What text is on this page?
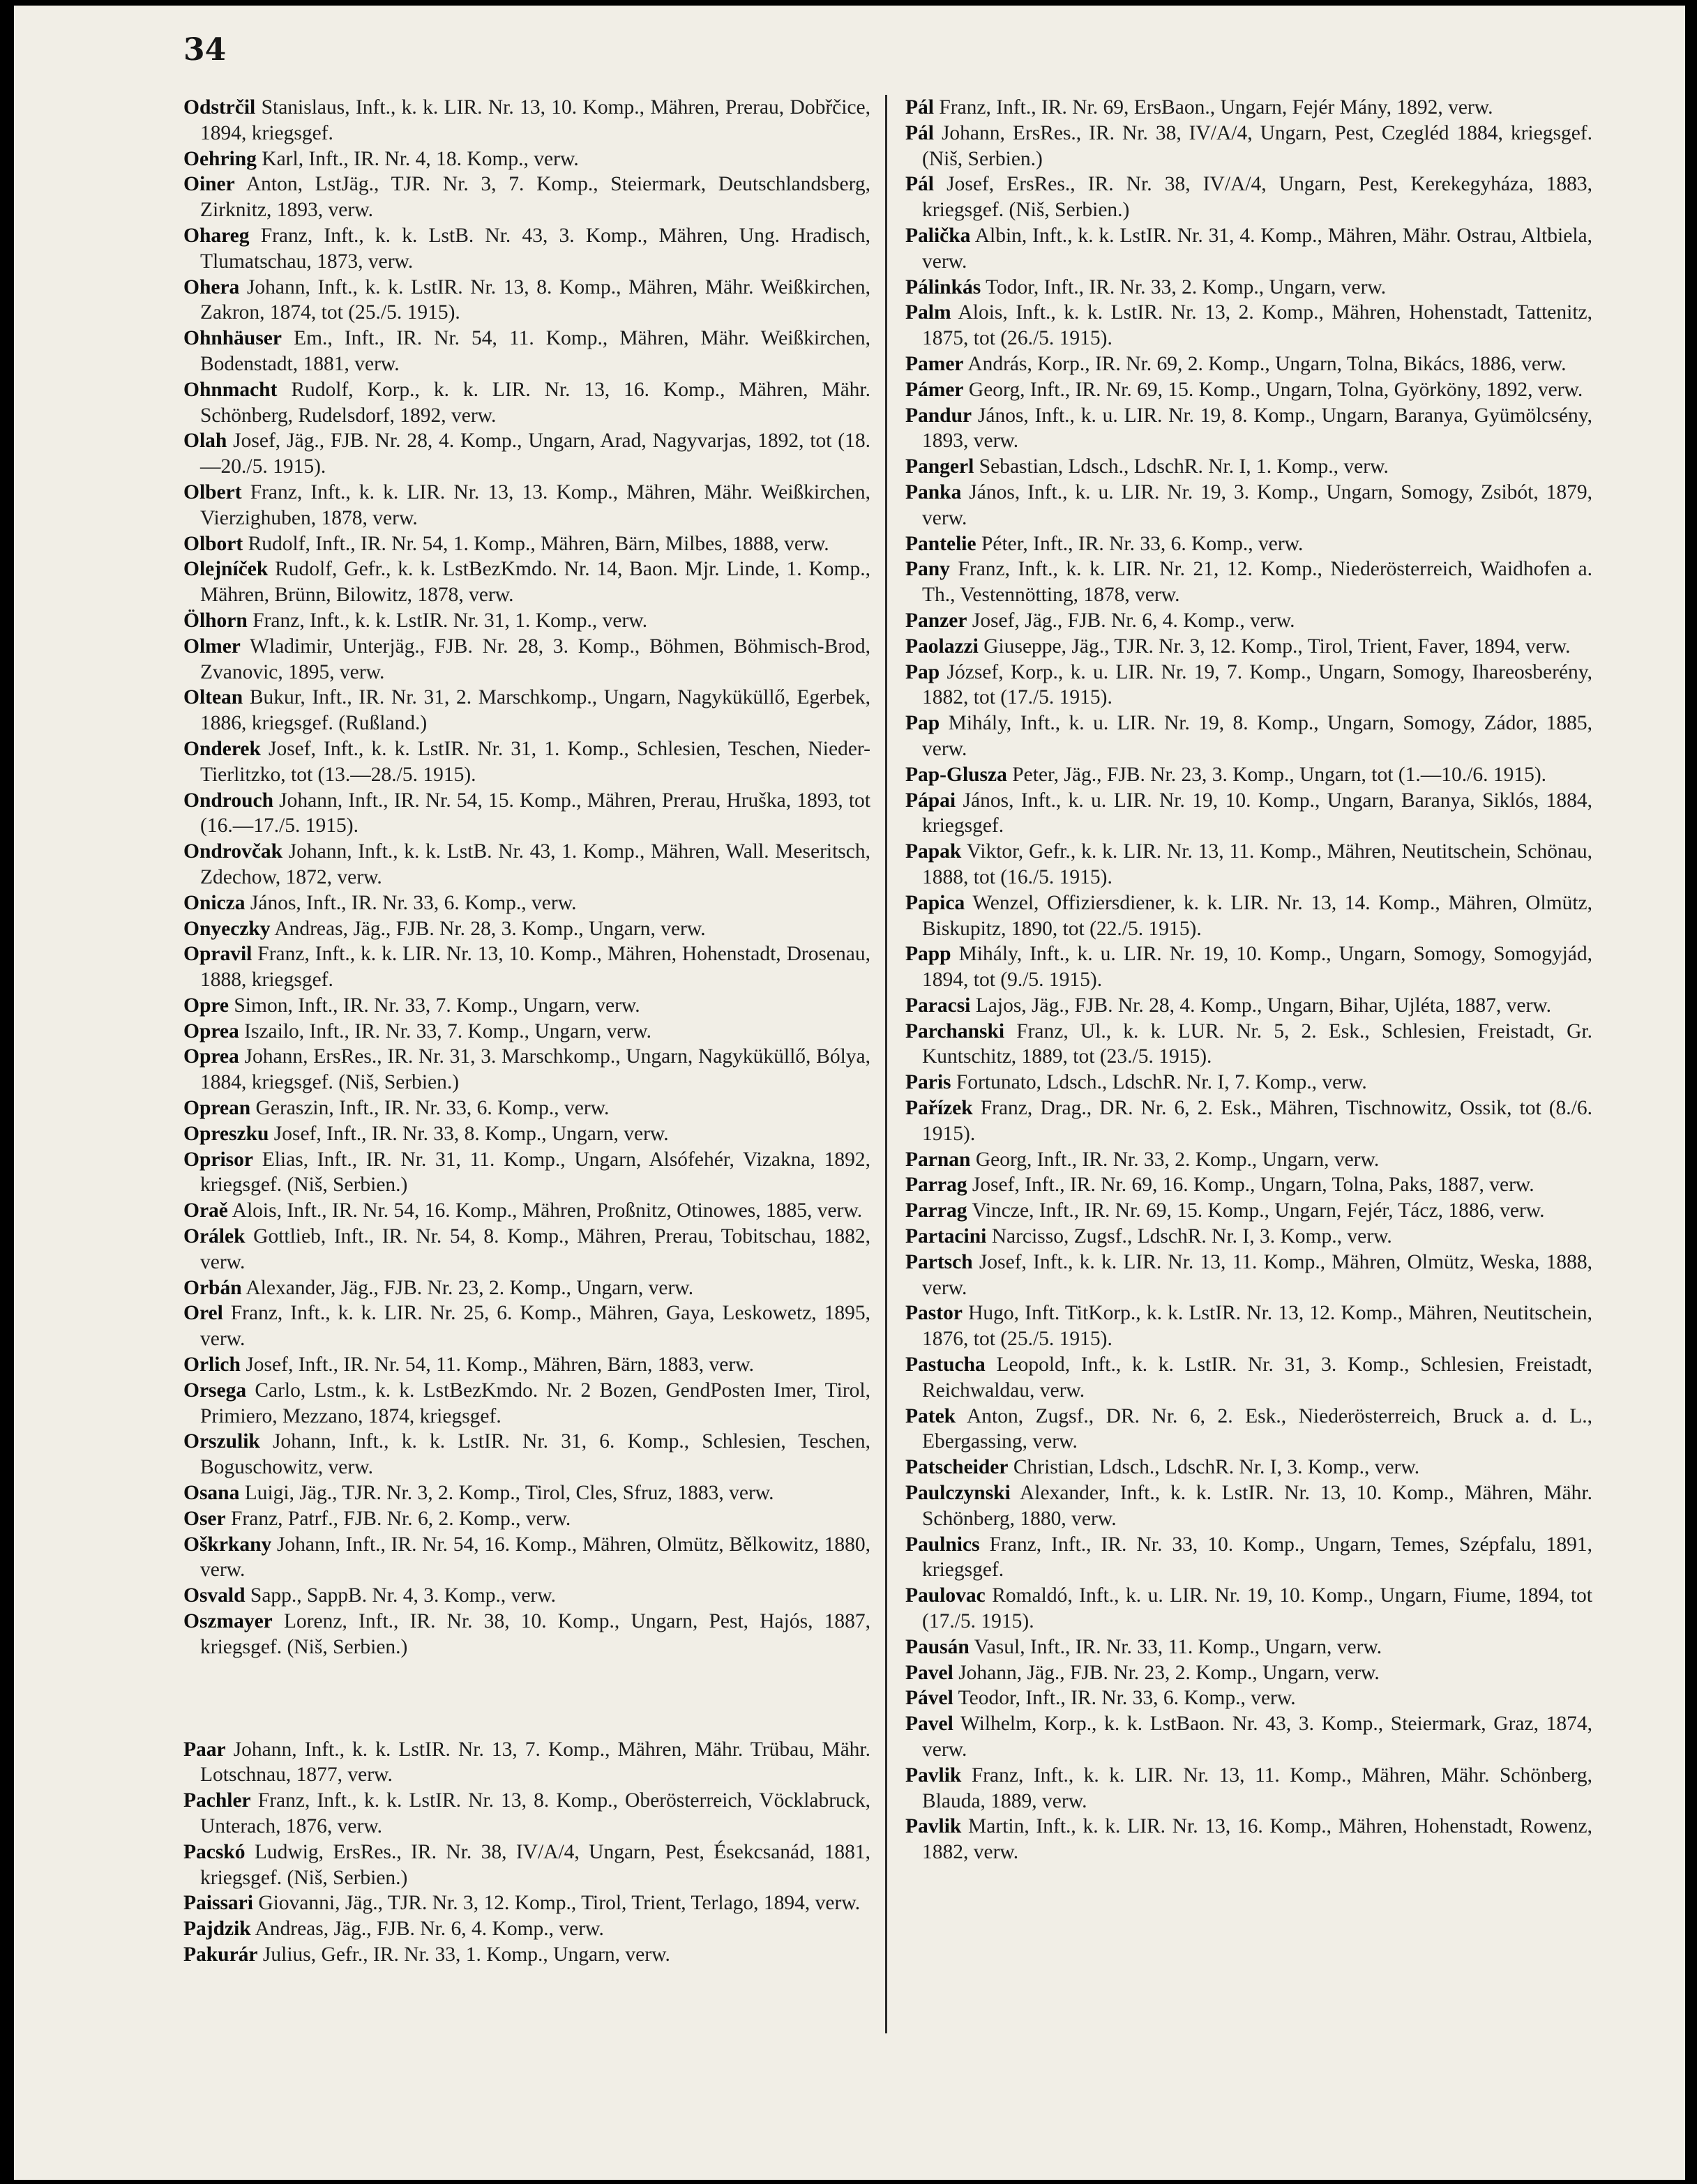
34

Odstrčil Stanislaus, Inft., k. k. LIR. Nr. 13, 10. Komp., Mähren, Prerau, Dobřčice, 1894, kriegsgef.

Oehring Karl, Inft., IR. Nr. 4, 18. Komp., verw.

Oiner Anton, LstJäg., TJR. Nr. 3, 7. Komp., Steiermark, Deutschlandsberg, Zirknitz, 1893, verw.

Ohareg Franz, Inft., k. k. LstB. Nr. 43, 3. Komp., Mähren, Ung. Hradisch, Tlumatschau, 1873, verw.

Ohera Johann, Inft., k. k. LstIR. Nr. 13, 8. Komp., Mähren, Mähr. Weißkirchen, Zakron, 1874, tot (25./5. 1915).

Ohnhäuser Em., Inft., IR. Nr. 54, 11. Komp., Mähren, Mähr. Weißkirchen, Bodenstadt, 1881, verw.

Ohnmacht Rudolf, Korp., k. k. LIR. Nr. 13, 16. Komp., Mähren, Mähr. Schönberg, Rudelsdorf, 1892, verw.

Olah Josef, Jäg., FJB. Nr. 28, 4. Komp., Ungarn, Arad, Nagyvarjas, 1892, tot (18.—20./5. 1915).

Olbert Franz, Inft., k. k. LIR. Nr. 13, 13. Komp., Mähren, Mähr. Weißkirchen, Vierzighuben, 1878, verw.

Olbort Rudolf, Inft., IR. Nr. 54, 1. Komp., Mähren, Bärn, Milbes, 1888, verw.

Olejníček Rudolf, Gefr., k. k. LstBezKmdo. Nr. 14, Baon. Mjr. Linde, 1. Komp., Mähren, Brünn, Bilowitz, 1878, verw.

Ölhorn Franz, Inft., k. k. LstIR. Nr. 31, 1. Komp., verw.

Olmer Wladimir, Unterjäg., FJB. Nr. 28, 3. Komp., Böhmen, Böhmisch-Brod, Zvanovic, 1895, verw.

Oltean Bukur, Inft., IR. Nr. 31, 2. Marschkomp., Ungarn, Nagyküküllő, Egerbek, 1886, kriegsgef. (Rußland.)

Onderek Josef, Inft., k. k. LstIR. Nr. 31, 1. Komp., Schlesien, Teschen, Nieder-Tierlitzko, tot (13.—28./5. 1915).

Ondrouch Johann, Inft., IR. Nr. 54, 15. Komp., Mähren, Prerau, Hruška, 1893, tot (16.—17./5. 1915).

Ondrovčak Johann, Inft., k. k. LstB. Nr. 43, 1. Komp., Mähren, Wall. Meseritsch, Zdechow, 1872, verw.

Onicza János, Inft., IR. Nr. 33, 6. Komp., verw.

Onyeczky Andreas, Jäg., FJB. Nr. 28, 3. Komp., Ungarn, verw.

Opravil Franz, Inft., k. k. LIR. Nr. 13, 10. Komp., Mähren, Hohenstadt, Drosenau, 1888, kriegsgef.

Opre Simon, Inft., IR. Nr. 33, 7. Komp., Ungarn, verw.

Oprea Iszailo, Inft., IR. Nr. 33, 7. Komp., Ungarn, verw.

Oprea Johann, ErsRes., IR. Nr. 31, 3. Marschkomp., Ungarn, Nagyküküllő, Bólya, 1884, kriegsgef. (Niš, Serbien.)

Oprean Geraszin, Inft., IR. Nr. 33, 6. Komp., verw.

Opreszku Josef, Inft., IR. Nr. 33, 8. Komp., Ungarn, verw.

Oprisor Elias, Inft., IR. Nr. 31, 11. Komp., Ungarn, Alsófehér, Vizakna, 1892, kriegsgef. (Niš, Serbien.)

Oraě Alois, Inft., IR. Nr. 54, 16. Komp., Mähren, Proßnitz, Otinowes, 1885, verw.

Orálek Gottlieb, Inft., IR. Nr. 54, 8. Komp., Mähren, Prerau, Tobitschau, 1882, verw.

Orbán Alexander, Jäg., FJB. Nr. 23, 2. Komp., Ungarn, verw.

Orel Franz, Inft., k. k. LIR. Nr. 25, 6. Komp., Mähren, Gaya, Leskowetz, 1895, verw.

Orlich Josef, Inft., IR. Nr. 54, 11. Komp., Mähren, Bärn, 1883, verw.

Orsega Carlo, Lstm., k. k. LstBezKmdo. Nr. 2 Bozen, GendPosten Imer, Tirol, Primiero, Mezzano, 1874, kriegsgef.

Orszulik Johann, Inft., k. k. LstIR. Nr. 31, 6. Komp., Schlesien, Teschen, Boguschowitz, verw.

Osana Luigi, Jäg., TJR. Nr. 3, 2. Komp., Tirol, Cles, Sfruz, 1883, verw.

Oser Franz, Patrf., FJB. Nr. 6, 2. Komp., verw.

Oškrkany Johann, Inft., IR. Nr. 54, 16. Komp., Mähren, Olmütz, Bělkowitz, 1880, verw.

Osvald Sapp., SappB. Nr. 4, 3. Komp., verw.

Oszmayer Lorenz, Inft., IR. Nr. 38, 10. Komp., Ungarn, Pest, Hajós, 1887, kriegsgef. (Niš, Serbien.)

Paar Johann, Inft., k. k. LstIR. Nr. 13, 7. Komp., Mähren, Mähr. Trübau, Mähr. Lotschnau, 1877, verw.

Pachler Franz, Inft., k. k. LstIR. Nr. 13, 8. Komp., Oberösterreich, Vöcklabruck, Unterach, 1876, verw.

Pacskó Ludwig, ErsRes., IR. Nr. 38, IV/A/4, Ungarn, Pest, Ésekcsanád, 1881, kriegsgef. (Niš, Serbien.)

Paissari Giovanni, Jäg., TJR. Nr. 3, 12. Komp., Tirol, Trient, Terlago, 1894, verw.

Pajdzik Andreas, Jäg., FJB. Nr. 6, 4. Komp., verw.

Pakurár Julius, Gefr., IR. Nr. 33, 1. Komp., Ungarn, verw.

Pál Franz, Inft., IR. Nr. 69, ErsBaon., Ungarn, Fejér Mány, 1892, verw.

Pál Johann, ErsRes., IR. Nr. 38, IV/A/4, Ungarn, Pest, Czegléd 1884, kriegsgef. (Niš, Serbien.)

Pál Josef, ErsRes., IR. Nr. 38, IV/A/4, Ungarn, Pest, Kerekegyháza, 1883, kriegsgef. (Niš, Serbien.)

Palička Albin, Inft., k. k. LstIR. Nr. 31, 4. Komp., Mähren, Mähr. Ostrau, Altbiela, verw.

Pálinkás Todor, Inft., IR. Nr. 33, 2. Komp., Ungarn, verw.

Palm Alois, Inft., k. k. LstIR. Nr. 13, 2. Komp., Mähren, Hohenstadt, Tattenitz, 1875, tot (26./5. 1915).

Pamer András, Korp., IR. Nr. 69, 2. Komp., Ungarn, Tolna, Bikács, 1886, verw.

Pámer Georg, Inft., IR. Nr. 69, 15. Komp., Ungarn, Tolna, Györköny, 1892, verw.

Pandur János, Inft., k. u. LIR. Nr. 19, 8. Komp., Ungarn, Baranya, Gyümölcsény, 1893, verw.

Pangerl Sebastian, Ldsch., LdschR. Nr. I, 1. Komp., verw.

Panka János, Inft., k. u. LIR. Nr. 19, 3. Komp., Ungarn, Somogy, Zsibót, 1879, verw.

Pantelie Péter, Inft., IR. Nr. 33, 6. Komp., verw.

Pany Franz, Inft., k. k. LIR. Nr. 21, 12. Komp., Niederösterreich, Waidhofen a. Th., Vestennötting, 1878, verw.

Panzer Josef, Jäg., FJB. Nr. 6, 4. Komp., verw.

Paolazzi Giuseppe, Jäg., TJR. Nr. 3, 12. Komp., Tirol, Trient, Faver, 1894, verw.

Pap József, Korp., k. u. LIR. Nr. 19, 7. Komp., Ungarn, Somogy, Ihareosberény, 1882, tot (17./5. 1915).

Pap Mihály, Inft., k. u. LIR. Nr. 19, 8. Komp., Ungarn, Somogy, Zádor, 1885, verw.

Pap-Glusza Peter, Jäg., FJB. Nr. 23, 3. Komp., Ungarn, tot (1.—10./6. 1915).

Pápai János, Inft., k. u. LIR. Nr. 19, 10. Komp., Ungarn, Baranya, Siklós, 1884, kriegsgef.

Papak Viktor, Gefr., k. k. LIR. Nr. 13, 11. Komp., Mähren, Neutitschein, Schönau, 1888, tot (16./5. 1915).

Papica Wenzel, Offiziersdiener, k. k. LIR. Nr. 13, 14. Komp., Mähren, Olmütz, Biskupitz, 1890, tot (22./5. 1915).

Papp Mihály, Inft., k. u. LIR. Nr. 19, 10. Komp., Ungarn, Somogy, Somogyjád, 1894, tot (9./5. 1915).

Paracsi Lajos, Jäg., FJB. Nr. 28, 4. Komp., Ungarn, Bihar, Ujléta, 1887, verw.

Parchanski Franz, Ul., k. k. LUR. Nr. 5, 2. Esk., Schlesien, Freistadt, Gr. Kuntschitz, 1889, tot (23./5. 1915).

Paris Fortunato, Ldsch., LdschR. Nr. I, 7. Komp., verw.

Pařízek Franz, Drag., DR. Nr. 6, 2. Esk., Mähren, Tischnowitz, Ossik, tot (8./6. 1915).

Parnan Georg, Inft., IR. Nr. 33, 2. Komp., Ungarn, verw.

Parrag Josef, Inft., IR. Nr. 69, 16. Komp., Ungarn, Tolna, Paks, 1887, verw.

Parrag Vincze, Inft., IR. Nr. 69, 15. Komp., Ungarn, Fejér, Tácz, 1886, verw.

Partacini Narcisso, Zugsf., LdschR. Nr. I, 3. Komp., verw.

Partsch Josef, Inft., k. k. LIR. Nr. 13, 11. Komp., Mähren, Olmütz, Weska, 1888, verw.

Pastor Hugo, Inft. TitKorp., k. k. LstIR. Nr. 13, 12. Komp., Mähren, Neutitschein, 1876, tot (25./5. 1915).

Pastucha Leopold, Inft., k. k. LstIR. Nr. 31, 3. Komp., Schlesien, Freistadt, Reichwaldau, verw.

Patek Anton, Zugsf., DR. Nr. 6, 2. Esk., Niederösterreich, Bruck a. d. L., Ebergassing, verw.

Patscheider Christian, Ldsch., LdschR. Nr. I, 3. Komp., verw.

Paulczynski Alexander, Inft., k. k. LstIR. Nr. 13, 10. Komp., Mähren, Mähr. Schönberg, 1880, verw.

Paulnics Franz, Inft., IR. Nr. 33, 10. Komp., Ungarn, Temes, Szépfalu, 1891, kriegsgef.

Paulovac Romaldó, Inft., k. u. LIR. Nr. 19, 10. Komp., Ungarn, Fiume, 1894, tot (17./5. 1915).

Pausán Vasul, Inft., IR. Nr. 33, 11. Komp., Ungarn, verw.

Pavel Johann, Jäg., FJB. Nr. 23, 2. Komp., Ungarn, verw.

Pável Teodor, Inft., IR. Nr. 33, 6. Komp., verw.

Pavel Wilhelm, Korp., k. k. LstBaon. Nr. 43, 3. Komp., Steiermark, Graz, 1874, verw.

Pavlik Franz, Inft., k. k. LIR. Nr. 13, 11. Komp., Mähren, Mähr. Schönberg, Blauda, 1889, verw.

Pavlik Martin, Inft., k. k. LIR. Nr. 13, 16. Komp., Mähren, Hohenstadt, Rowenz, 1882, verw.
